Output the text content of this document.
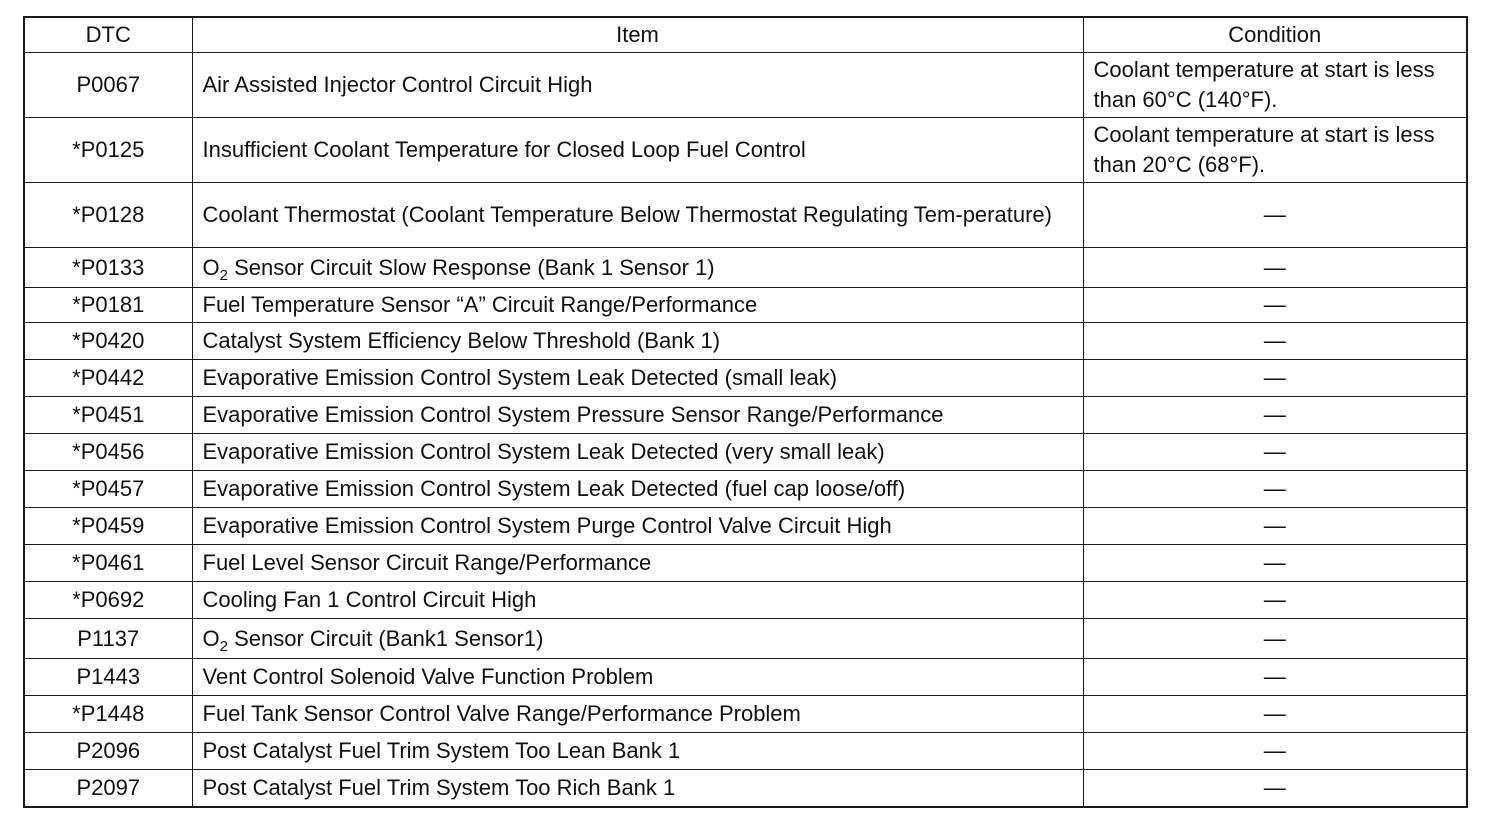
DTC	Item	Condition
P0067	Air Assisted Injector Control Circuit High	Coolant temperature at start is less than 60°C (140°F).
*P0125	Insufficient Coolant Temperature for Closed Loop Fuel Control	Coolant temperature at start is less than 20°C (68°F).
*P0128	Coolant Thermostat (Coolant Temperature Below Thermostat Regulating Tem-perature)	—
*P0133	$O_2$ Sensor Circuit Slow Response (Bank 1 Sensor 1)	—
*P0181	Fuel Temperature Sensor “A” Circuit Range/Performance	—
*P0420	Catalyst System Efficiency Below Threshold (Bank 1)	—
*P0442	Evaporative Emission Control System Leak Detected (small leak)	—
*P0451	Evaporative Emission Control System Pressure Sensor Range/Performance	—
*P0456	Evaporative Emission Control System Leak Detected (very small leak)	—
*P0457	Evaporative Emission Control System Leak Detected (fuel cap loose/off)	—
*P0459	Evaporative Emission Control System Purge Control Valve Circuit High	—
*P0461	Fuel Level Sensor Circuit Range/Performance	—
*P0692	Cooling Fan 1 Control Circuit High	—
P1137	$O_2$ Sensor Circuit (Bank1 Sensor1)	—
P1443	Vent Control Solenoid Valve Function Problem	—
*P1448	Fuel Tank Sensor Control Valve Range/Performance Problem	—
P2096	Post Catalyst Fuel Trim System Too Lean Bank 1	—
P2097	Post Catalyst Fuel Trim System Too Rich Bank 1	—
